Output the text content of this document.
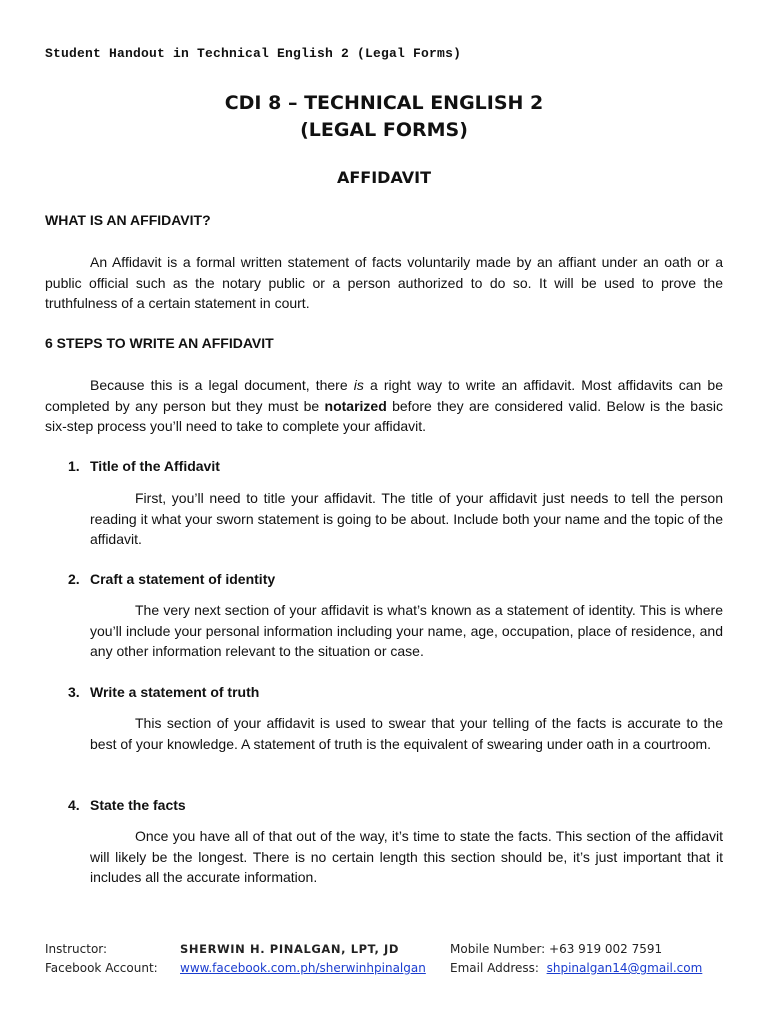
Student Handout in Technical English 2 (Legal Forms)
CDI 8 – TECHNICAL ENGLISH 2
(LEGAL FORMS)
AFFIDAVIT
WHAT IS AN AFFIDAVIT?
An Affidavit is a formal written statement of facts voluntarily made by an affiant under an oath or a public official such as the notary public or a person authorized to do so. It will be used to prove the truthfulness of a certain statement in court.
6 STEPS TO WRITE AN AFFIDAVIT
Because this is a legal document, there is a right way to write an affidavit. Most affidavits can be completed by any person but they must be notarized before they are considered valid. Below is the basic six-step process you’ll need to take to complete your affidavit.
1. Title of the Affidavit
First, you’ll need to title your affidavit. The title of your affidavit just needs to tell the person reading it what your sworn statement is going to be about. Include both your name and the topic of the affidavit.
2. Craft a statement of identity
The very next section of your affidavit is what’s known as a statement of identity. This is where you’ll include your personal information including your name, age, occupation, place of residence, and any other information relevant to the situation or case.
3. Write a statement of truth
This section of your affidavit is used to swear that your telling of the facts is accurate to the best of your knowledge. A statement of truth is the equivalent of swearing under oath in a courtroom.
4. State the facts
Once you have all of that out of the way, it’s time to state the facts. This section of the affidavit will likely be the longest. There is no certain length this section should be, it’s just important that it includes all the accurate information.
Instructor:	SHERWIN H. PINALGAN, LPT, JD	Mobile Number: +63 919 002 7591
Facebook Account: www.facebook.com.ph/sherwinhpinalgan Email Address: shpinalgan14@gmail.com
